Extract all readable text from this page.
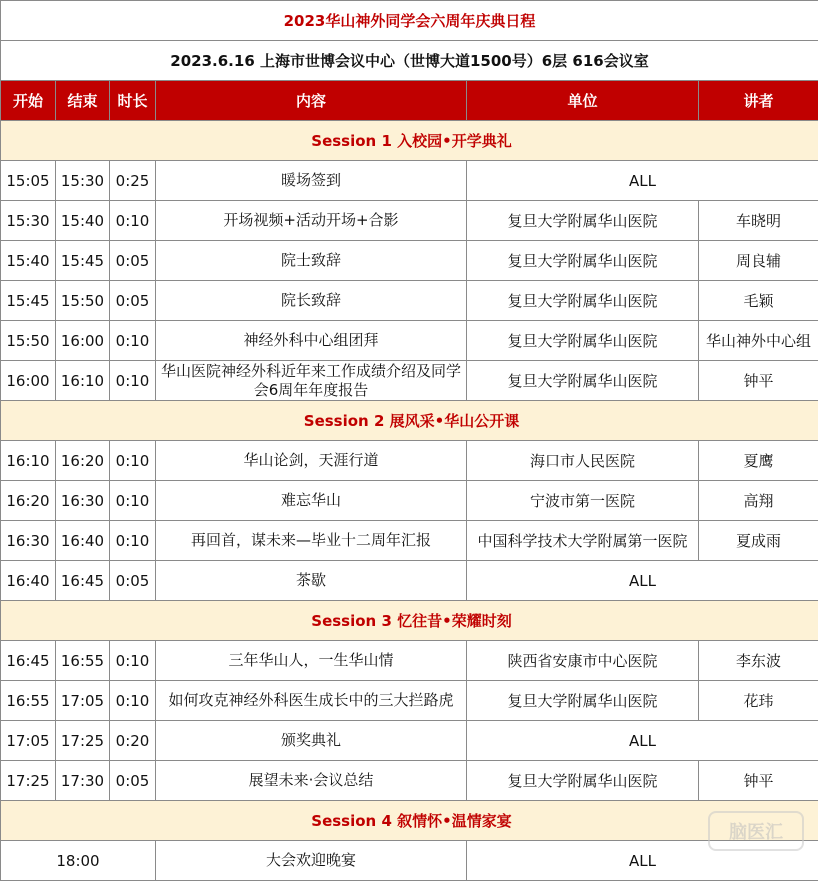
2023华山神外同学会六周年庆典日程					
2023.6.16 上海市世博会议中心（世博大道1500号）6层 616会议室					
开始	结束	时长	内容	单位	讲者
Session 1 入校园•开学典礼					
15:05	15:30	0:25	暖场签到	ALL	
15:30	15:40	0:10	开场视频+活动开场+合影	复旦大学附属华山医院	车晓明
15:40	15:45	0:05	院士致辞	复旦大学附属华山医院	周良辅
15:45	15:50	0:05	院长致辞	复旦大学附属华山医院	毛颖
15:50	16:00	0:10	神经外科中心组团拜	复旦大学附属华山医院	华山神外中心组
16:00	16:10	0:10	华山医院神经外科近年来工作成绩介绍及同学会6周年年度报告	复旦大学附属华山医院	钟平
Session 2 展风采•华山公开课					
16:10	16:20	0:10	华山论剑，天涯行道	海口市人民医院	夏鹰
16:20	16:30	0:10	难忘华山	宁波市第一医院	高翔
16:30	16:40	0:10	再回首，谋未来—毕业十二周年汇报	中国科学技术大学附属第一医院	夏成雨
16:40	16:45	0:05	茶歇	ALL	
Session 3 忆往昔•荣耀时刻					
16:45	16:55	0:10	三年华山人，一生华山情	陕西省安康市中心医院	李东波
16:55	17:05	0:10	如何攻克神经外科医生成长中的三大拦路虎	复旦大学附属华山医院	花玮
17:05	17:25	0:20	颁奖典礼	ALL	
17:25	17:30	0:05	展望未来·会议总结	复旦大学附属华山医院	钟平
Session 4 叙情怀•温情家宴					
18:00			大会欢迎晚宴	ALL	
脑医汇
